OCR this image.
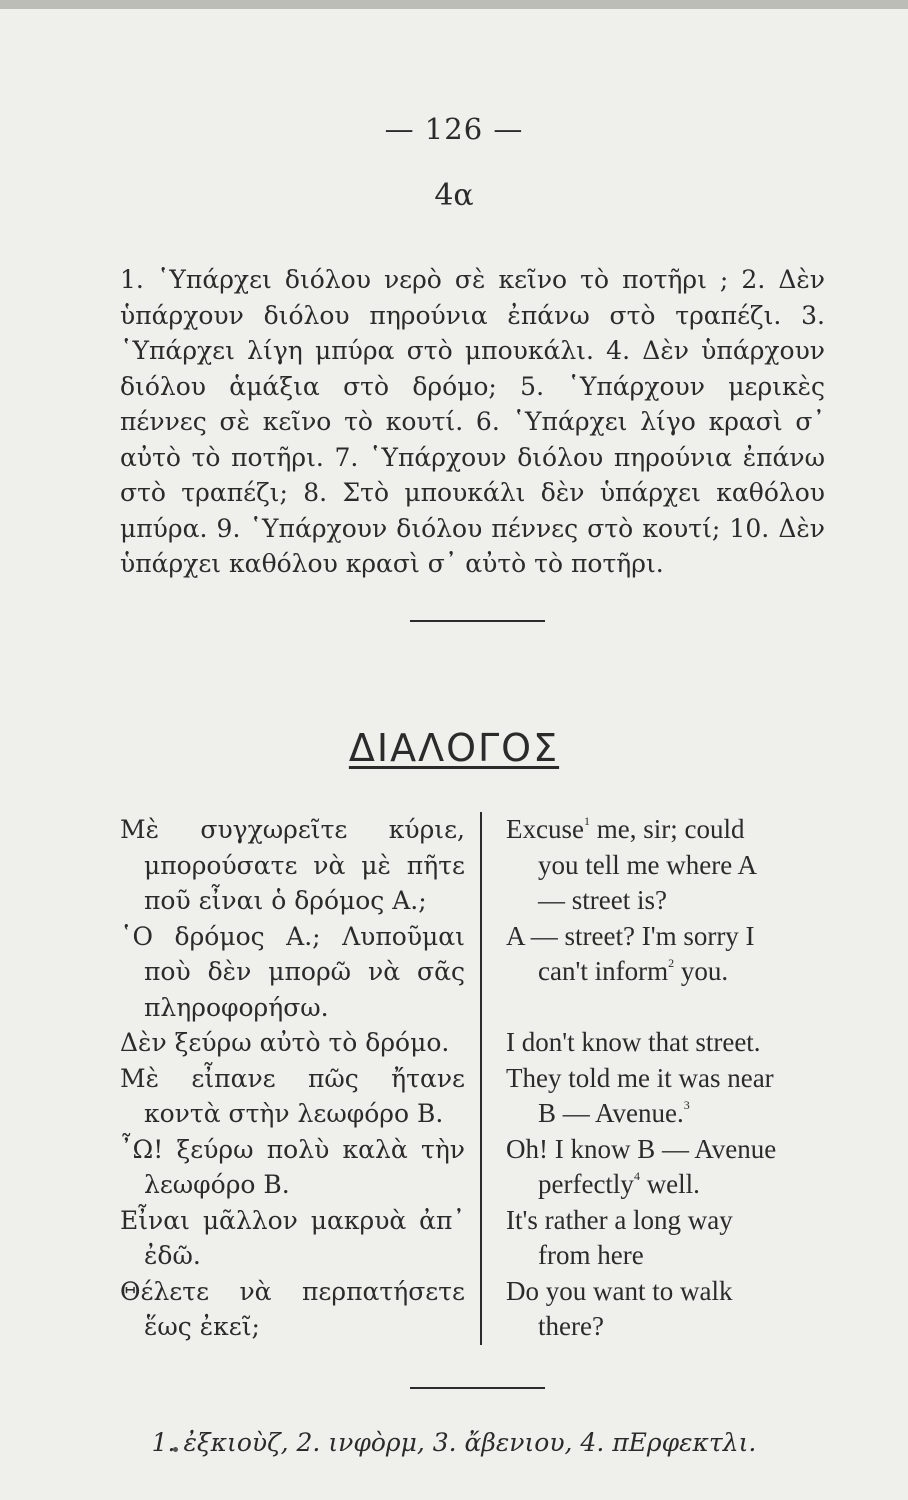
— 126 —
4α

1. ῾Υπάρχει διόλου νερὸ σὲ κεῖνο τὸ ποτῆρι ; 2. Δὲν ὑπάρχουν διόλου πηρούνια ἐπάνω στὸ τραπέζι. 3. ῾Υπάρχει λίγη μπύρα στὸ μπουκάλι. 4. Δὲν ὑπάρχουν διόλου ἁμάξια στὸ δρόμο; 5. ῾Υπάρχουν μερικὲς πέννες σὲ κεῖνο τὸ κουτί. 6. ῾Υπάρχει λίγο κρασὶ σ᾽ αὐτὸ τὸ ποτῆρι. 7. ῾Υπάρχουν διόλου πηρούνια ἐπάνω στὸ τραπέζι; 8. Στὸ μπουκάλι δὲν ὑπάρχει καθόλου μπύρα. 9. ῾Υπάρχουν διόλου πέννες στὸ κουτί; 10. Δὲν ὑπάρχει καθόλου κρασὶ σ᾽ αὐτὸ τὸ ποτῆρι.

ΔΙΑΛΟΓΟΣ
Μὲ συγχωρεῖτε κύριε, μπορούσατε νὰ μὲ πῆτε ποῦ εἶναι ὁ δρόμος Α.;
Excuse$^1$ me, sir; could
you tell me where A
— street is?
῾Ο δρόμος Α.; Λυποῦμαι ποὺ δὲν μπορῶ νὰ σᾶς πληροφορήσω.
A — street? I'm sorry I
can't inform$^2$ you.
Δὲν ξεύρω αὐτὸ τὸ δρόμο.	I don't know that street.
Μὲ εἶπανε πῶς ἤτανε κοντὰ στὴν λεωφόρο Β.
They told me it was near
B — Avenue.$^3$
῏Ω! ξεύρω πολὺ καλὰ τὴν λεωφόρο Β.
Oh! I know B — Avenue
perfectly$^4$ well.
Εἶναι μᾶλλον μακρυὰ ἀπ᾽ ἐδῶ.
It's rather a long way
from here
Θέλετε νὰ περπατήσετε ἕως ἐκεῖ;
Do you want to walk
there?
1. ἐξκιοὺζ, 2. ινφὸρμ, 3. ἄβενιου, 4. πΕρφεκτλι.
